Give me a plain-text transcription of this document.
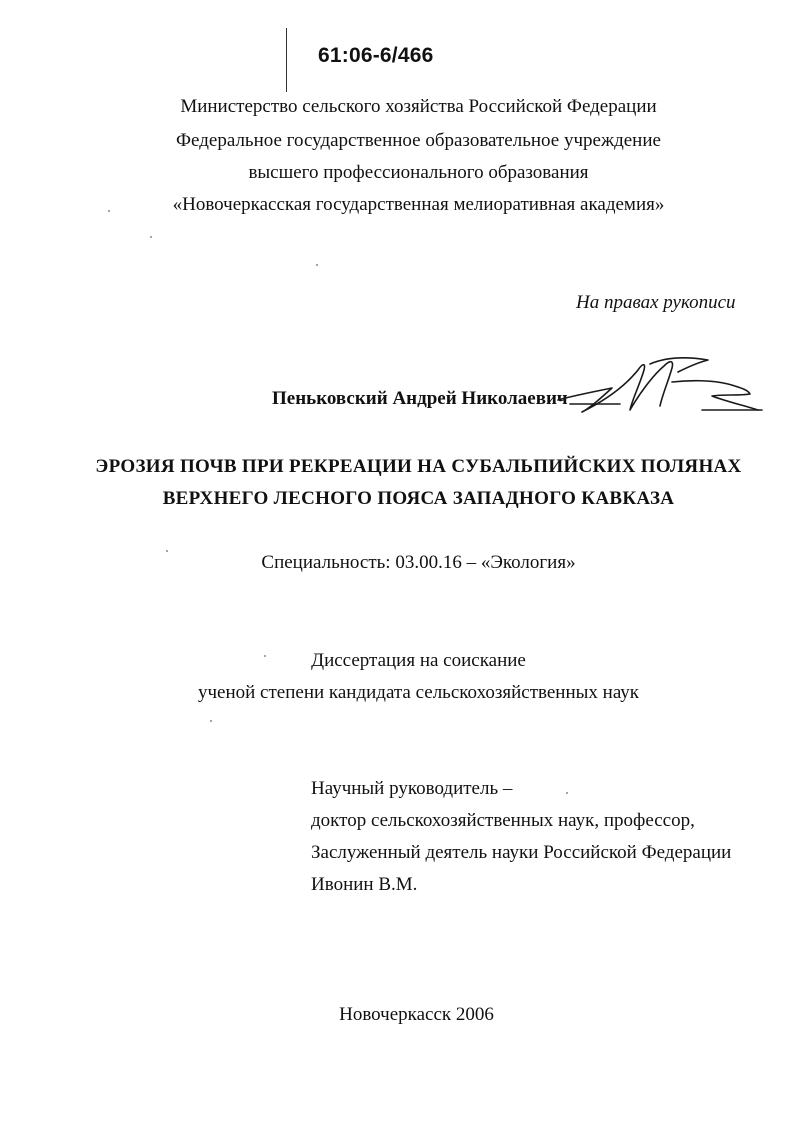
61:06-6/466
Министерство сельского хозяйства Российской Федерации
Федеральное государственное образовательное учреждение
высшего профессионального образования
«Новочеркасская государственная мелиоративная академия»
На правах рукописи
Пеньковский Андрей Николаевич
ЭРОЗИЯ ПОЧВ ПРИ РЕКРЕАЦИИ НА СУБАЛЬПИЙСКИХ ПОЛЯНАХ
ВЕРХНЕГО ЛЕСНОГО ПОЯСА ЗАПАДНОГО КАВКАЗА
Специальность: 03.00.16 – «Экология»
Диссертация на соискание
ученой степени кандидата сельскохозяйственных наук
Научный руководитель –
доктор сельскохозяйственных наук, профессор,
Заслуженный деятель науки Российской Федерации
Ивонин В.М.
Новочеркасск 2006
